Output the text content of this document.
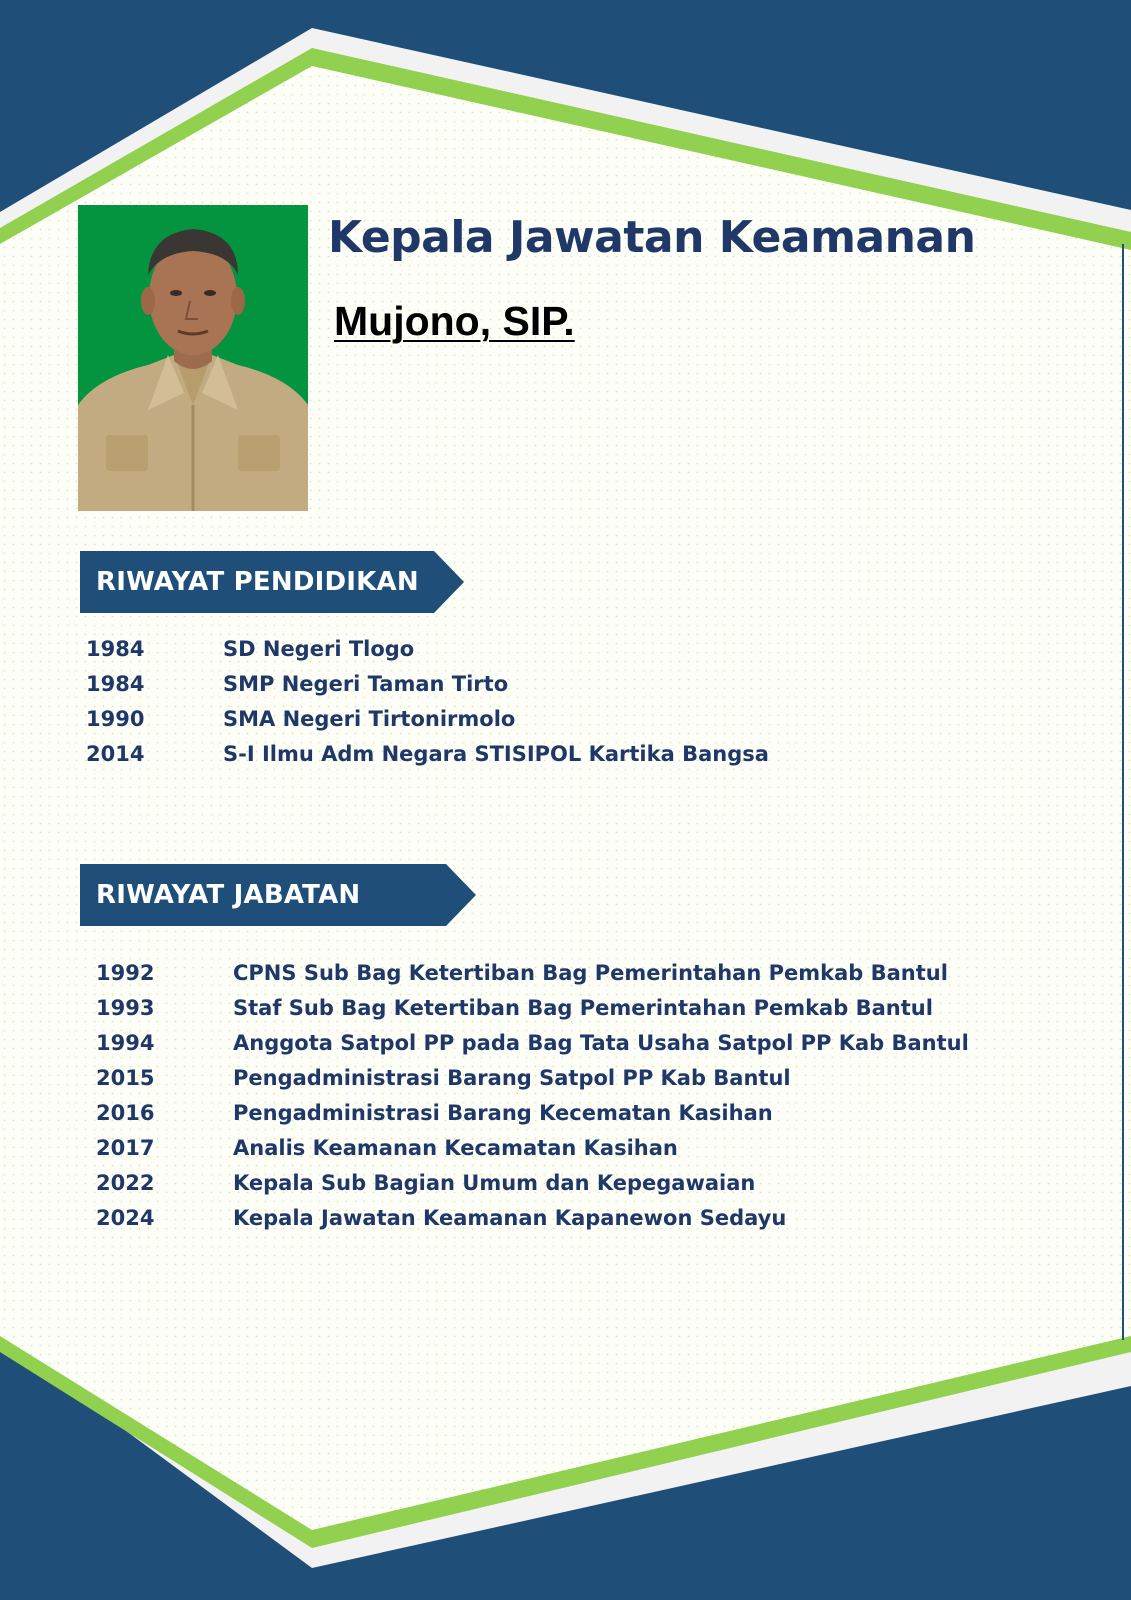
Kepala Jawatan Keamanan
Mujono, SIP.
RIWAYAT PENDIDIKAN
1984	SD Negeri Tlogo
1984	SMP Negeri Taman Tirto
1990	SMA Negeri Tirtonirmolo
2014	S-I Ilmu Adm Negara STISIPOL Kartika Bangsa
RIWAYAT JABATAN
1992	CPNS Sub Bag Ketertiban Bag Pemerintahan Pemkab Bantul
1993	Staf Sub Bag Ketertiban Bag Pemerintahan Pemkab Bantul
1994	Anggota Satpol PP pada Bag Tata Usaha Satpol PP Kab Bantul
2015	Pengadministrasi Barang Satpol PP Kab Bantul
2016	Pengadministrasi Barang Kecematan Kasihan
2017	Analis Keamanan Kecamatan Kasihan
2022	Kepala Sub Bagian Umum dan Kepegawaian
2024	Kepala Jawatan Keamanan Kapanewon Sedayu
